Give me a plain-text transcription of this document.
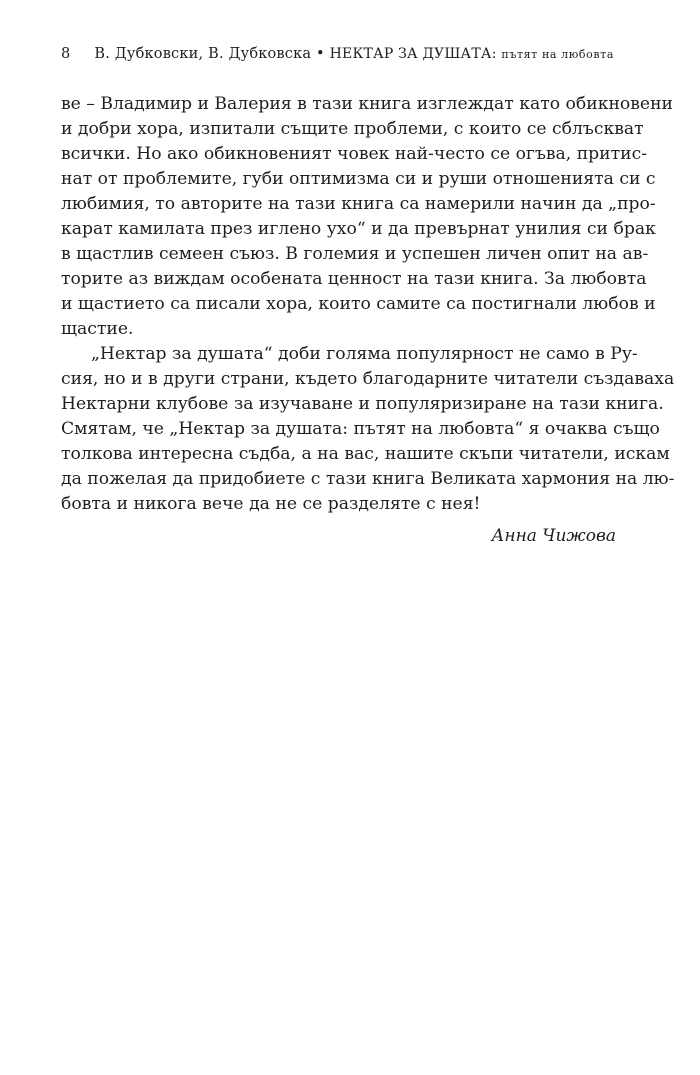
8 В. Дубковски, В. Дубковска • НЕКТАР ЗА ДУШАТА: пътят на любовта
ве – Владимир и Валерия в тази книга изглеждат като обикновени
и добри хора, изпитали същите проблеми, с които се сблъскват
всички. Но ако обикновеният човек най-често се огъва, притис-
нат от проблемите, губи оптимизма си и руши отношенията си с
любимия, то авторите на тази книга са намерили начин да „про-
карат камилата през иглено ухо“ и да превърнат унилия си брак
в щастлив семеен съюз. В големия и успешен личен опит на ав-
торите аз виждам особената ценност на тази книга. За любовта
и щастието са писали хора, които самите са постигнали любов и
щастие.
„Нектар за душата“ доби голяма популярност не само в Ру-
сия, но и в други страни, където благодарните читатели създаваха
Нектарни клубове за изучаване и популяризиране на тази книга.
Смятам, че „Нектар за душата: пътят на любовта“ я очаква също
толкова интересна съдба, а на вас, нашите скъпи читатели, искам
да пожелая да придобиете с тази книга Великата хармония на лю-
бовта и никога вече да не се разделяте с нея!
Анна Чижова
